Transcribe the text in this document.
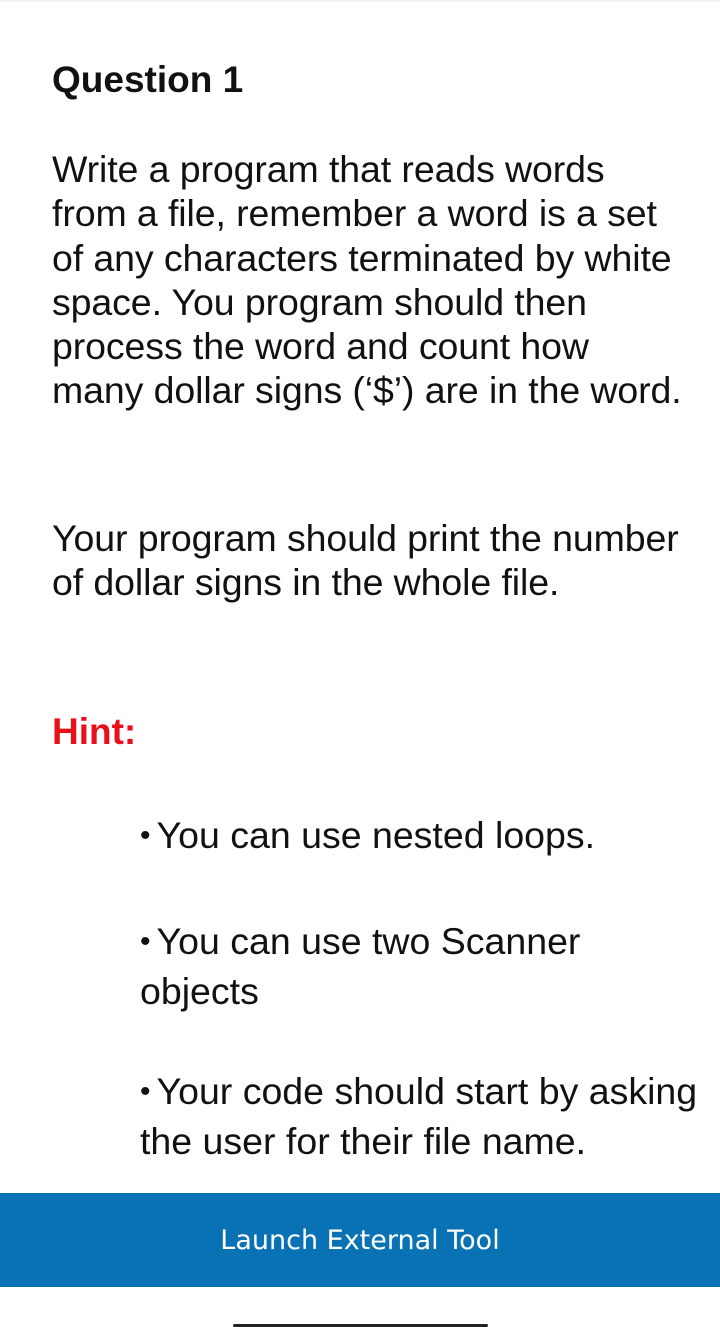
Question 1

Write a program that reads words from a file, remember a word is a set of any characters terminated by white space. You program should then process the word and count how many dollar signs (‘$’) are in the word.

Your program should print the number of dollar signs in the whole file.

Hint:

• You can use nested loops.

• You can use two Scanner objects

• Your code should start by asking the user for their file name.

Launch External Tool
